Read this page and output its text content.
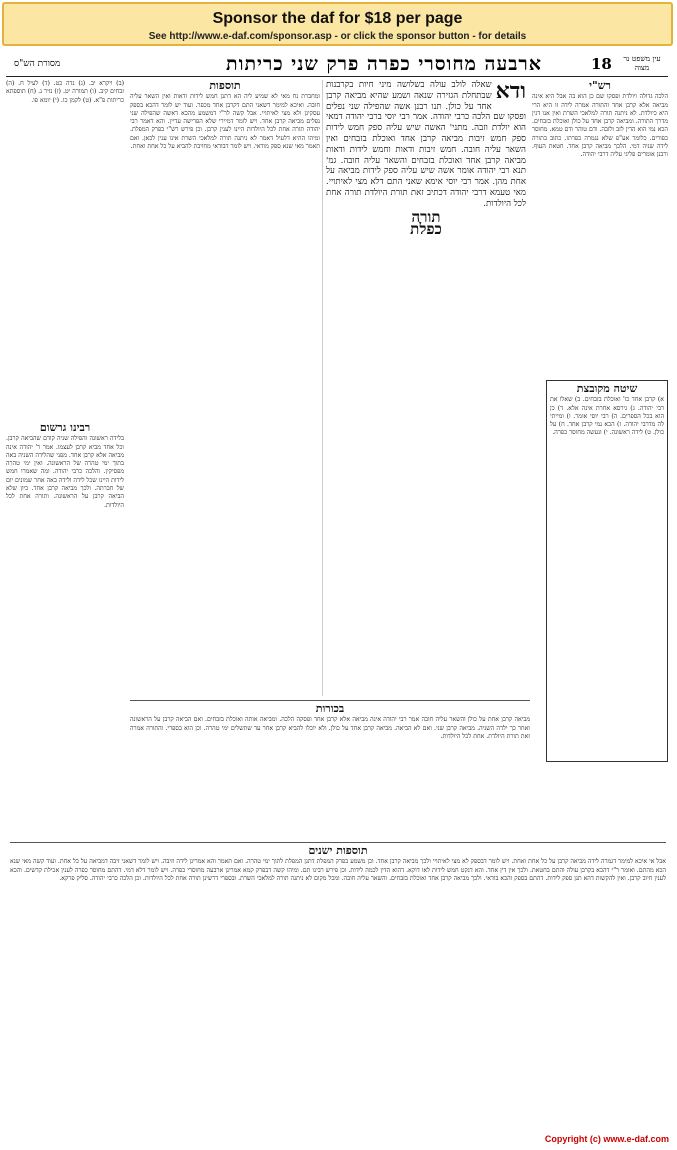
Sponsor the daf for $18 per page
See http://www.e-daf.com/sponsor.asp - or click the sponsor button - for details
מסורת הש"ס	ארבעה מחוסרי כפרה פרק שני כריתות	18	עין משפט נר מצוה

(ב) ויקרא יב. (ג) נדה כט. (ד) לעיל ח. (ה) זבחים קיב. (ו) תמורה יט. (ז) נזיר נ. (ח) תוספתא כריתות פ"א. (ט) לקמן כו. (י) יומא פו.

רבינו גרשום

בלידה ראשונה והפילה שניה קודם שהביאה קרבן. וכל אחד מביא קרבן לעצמו. אמר ר' יהודה אינה מביאה אלא קרבן אחד. מפני שהלידה השניה באה בתוך ימי טהרה של הראשונה. ואין ימי טהרה מפסיקין. והלכה כרבי יהודה. ומה שאמרו חמש לידות היינו שכל לידה ולידה באה אחר שמונים יום של חברתה. ולכך מביאה קרבן אחד. כיון שלא הביאה קרבן על הראשונה. ותורה אחת לכל היולדות.

תוספות

ומחברת נח מאי לא שמיע ליה הא דתנן חמש לידות ודאות ואין השאר עליה חובה. ואיכא למימר דשאני התם דקרבן אחד מכפר. ועוד יש לומר דהכא בספק עסקינן ולא מצי לאיתויי. אבל קשה לר"י דמשמע מהכא דאשה שהפילה שני נפלים מביאה קרבן אחד. ויש לומר דמיירי שלא הפרישה עדיין. והא דאמר רבי יהודה תורה אחת לכל היולדות היינו לענין קרבן. וכן פירש רש"י בפרק המפלת. ומיהו ההיא דלעיל דאמר לא ניתנה תורה למלאכי השרת אינו ענין לכאן. ואם תאמר מאי שנא ספק מודאי. ויש לומר דבודאי מחויבת להביא על כל אחת ואחת.

ודא

שאלה לולב עולה בשלושה מיני חיות בקרבנות שבתחלת הגזירה שנאה ושמע שהיא מביאה קרבן אחד על כולן. תנו רבנן אשה שהפילה שני נפלים ופסקו שם הלכה כרבי יהודה. אמר רבי יוסי ברבי יהודה דמאי הוא יולדת וזבה. מתני' האשה שיש עליה ספק חמש לידות ספק חמש זיבות מביאה קרבן אחד ואוכלת בזבחים ואין השאר עליה חובה. חמש זיבות ודאות וחמש לידות ודאות מביאה קרבן אחד ואוכלת בזבחים והשאר עליה חובה. גמ' תנא רבי יהודה אומר אשה שיש עליה ספק לידות מביאה על אחת מהן. אמר רבי יוסי אימא שאני התם דלא מצי לאיתויי. מאי טעמא דרבי יהודה דכתיב זאת תורת היולדת תורה אחת לכל היולדות.

תורה
כפלת
רש"י

הלכה גדולה ויולדת ופסקו שם כן הוא בה אבל היא אינה מביאה אלא קרבן אחד והתורה אמרה לידה זו היא הרי היא כיולדת. לא ניתנה תורה למלאכי השרת ואין אנו דנין מדרך התורה. ומביאה קרבן אחד על כולן ואוכלת בזבחים. הכא נמי הוא הדין לזב ולזבה. ודם טוהר ודם טמא. מחוסר כפורים. כלומר אע"פ שלא נגמרה כפרתו. כתוב בתורה לידה שניה דמי. הלכך מביאה קרבן אחד. חטאת העוף. ורבנן אומרים פליגי עליה דרבי יהודה.

שיטה מקובצת

א) קרבן אחד כו' ואוכלת בזבחים. ב) שאלו את רבי יהודה. ג) גירסא אחרת אינה אלא. ד) כן הוא בכל הספרים. ה) רבי יוסי אומר. ו) ומייתי לה מדרבי יהודה. ז) הכא נמי קרבן אחד. ח) על כולן. ט) לידה ראשונה. י) ונעשה מחוסר כפרה.

בכורות

מביאה קרבן אחת על כולן והשאר עליה חובה אמר רבי יהודה אינה מביאה אלא קרבן אחד ופסקה הלכה. ומביאה אותה ואוכלת בזבחים. ואם הביאה קרבן על הראשונה ואחר כך ילדה השניה. מביאה קרבן שני. ואם לא הביאה. מביאה קרבן אחד על כולן. ולא יוכלו להביא קרבן אחר עד שתשלים ימי טהרה. וכן הוא בספרי. והתורה אמרה זאת תורת היולדת. אחת לכל היולדות.

תוספות ישנים

אבל אי איכא למימר דגמרה לידה מביאה קרבן על כל אחת ואחת. ויש לומר דבספק לא מצי לאיתויי ולכך מביאה קרבן אחד. וכן משמע בפרק המפלת דתנן המפלת לתוך ימי טהרה. ואם תאמר והא אמרינן לידה וזיבה. ויש לומר דשאני זיבה דמביאה על כל אחת. ועוד קשה מאי שנא הכא מהתם. ואומר ר"י דהכא בקרבן עולה והתם בחטאת. ולכך אין דין אחד. והא דנקט חמש לידות לאו דוקא. דהוא הדין לכמה לידות. וכן פירש רבינו תם. ומיהו קשה דבפרק קמא אמרינן ארבעה מחוסרי כפרה. ויש לומר דלא דמי. דהתם מחוסר כפרה לענין אכילת קדשים. והכא לענין חיוב קרבן. ואין להקשות דהא תנן ספק לידות. דהתם בספק והכא בודאי. ולכך מביאה קרבן אחד ואוכלת בזבחים. והשאר עליה חובה. ומכל מקום לא ניתנה תורה למלאכי השרת. ובספרי דרשינן תורה אחת לכל היולדות. וכן הלכה כרבי יהודה. סליק פרקא.

Copyright (c) www.e-daf.com
